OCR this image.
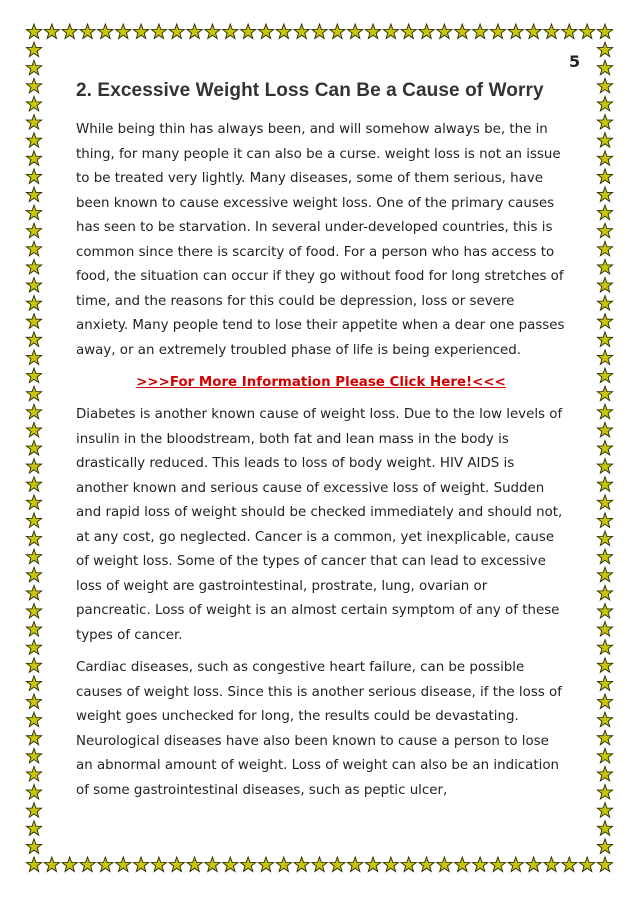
5
2. Excessive Weight Loss Can Be a Cause of Worry

While being thin has always been, and will somehow always be, the in thing, for many people it can also be a curse. weight loss is not an issue to be treated very lightly. Many diseases, some of them serious, have been known to cause excessive weight loss. One of the primary causes has seen to be starvation. In several under-developed countries, this is common since there is scarcity of food. For a person who has access to food, the situation can occur if they go without food for long stretches of time, and the reasons for this could be depression, loss or severe anxiety. Many people tend to lose their appetite when a dear one passes away, or an extremely troubled phase of life is being experienced.

>>>For More Information Please Click Here!<<<

Diabetes is another known cause of weight loss. Due to the low levels of insulin in the bloodstream, both fat and lean mass in the body is drastically reduced. This leads to loss of body weight. HIV AIDS is another known and serious cause of excessive loss of weight. Sudden and rapid loss of weight should be checked immediately and should not, at any cost, go neglected. Cancer is a common, yet inexplicable, cause of weight loss. Some of the types of cancer that can lead to excessive loss of weight are gastrointestinal, prostrate, lung, ovarian or pancreatic. Loss of weight is an almost certain symptom of any of these types of cancer.

Cardiac diseases, such as congestive heart failure, can be possible causes of weight loss. Since this is another serious disease, if the loss of weight goes unchecked for long, the results could be devastating. Neurological diseases have also been known to cause a person to lose an abnormal amount of weight. Loss of weight can also be an indication of some gastrointestinal diseases, such as peptic ulcer,
